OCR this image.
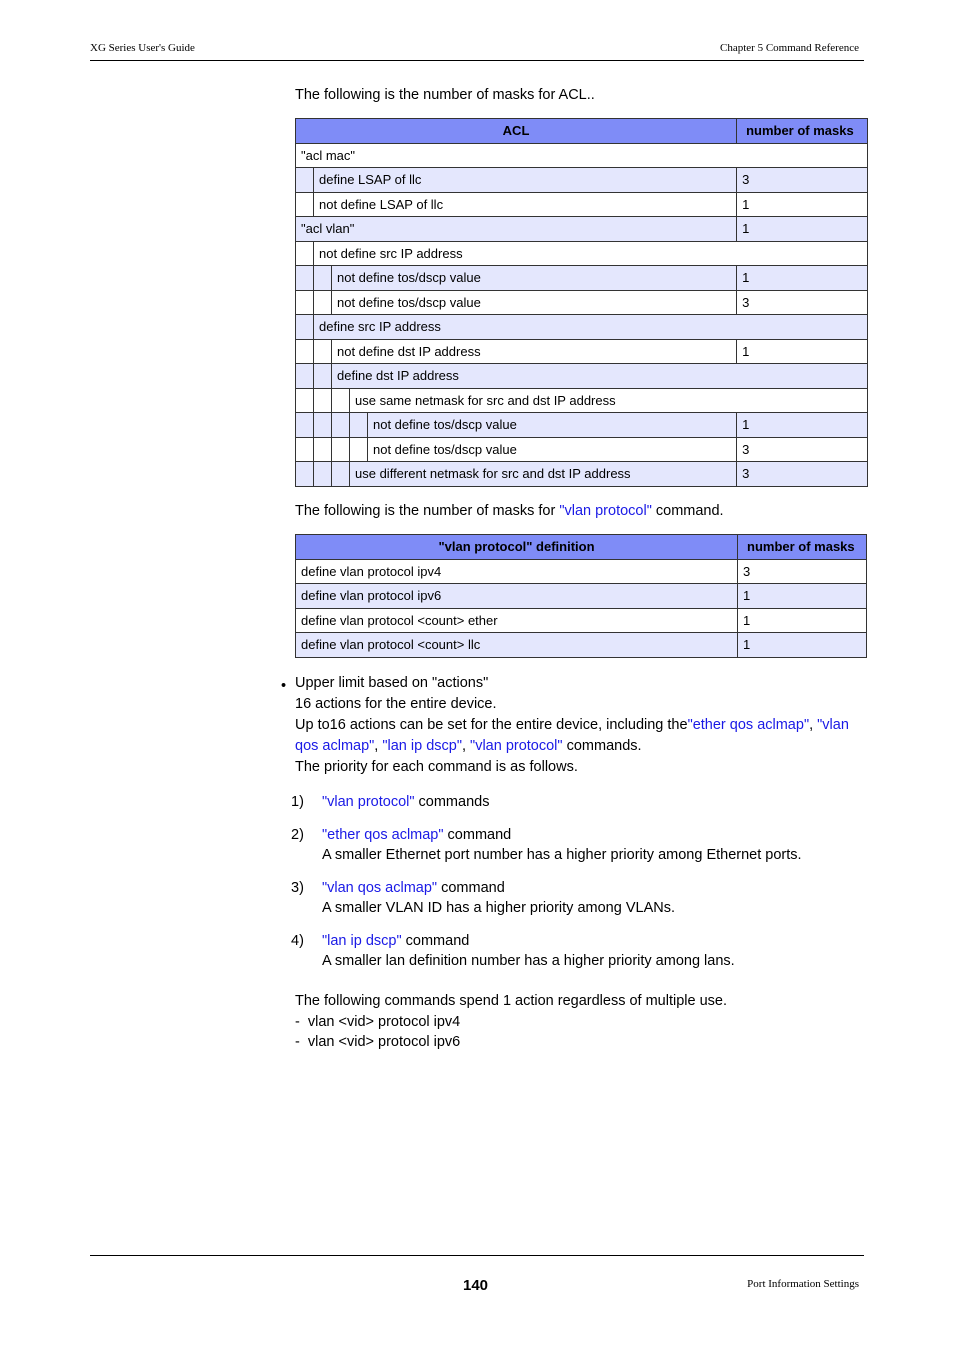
XG Series User's Guide	Chapter 5 Command Reference
The following is the number of masks for ACL..
ACL					number of masks
"acl mac"					
	define LSAP of llc				3
	not define LSAP of llc				1
"acl vlan"					1
	not define src IP address				
		not define tos/dscp value			1
		not define tos/dscp value			3
	define src IP address				
		not define dst IP address			1
		define dst IP address			
			use same netmask for src and dst IP address		
				not define tos/dscp value	1
				not define tos/dscp value	3
			use different netmask for src and dst IP address		3
The following is the number of masks for "vlan protocol" command.
"vlan protocol" definition	number of masks
define vlan protocol ipv4	3
define vlan protocol ipv6	1
define vlan protocol <count> ether	1
define vlan protocol <count> llc	1
• Upper limit based on "actions"
16 actions for the entire device.
Up to16 actions can be set for the entire device, including the"ether qos aclmap", "vlan
qos aclmap", "lan ip dscp", "vlan protocol" commands.
The priority for each command is as follows.
1) "vlan protocol" commands
2) "ether qos aclmap" command
A smaller Ethernet port number has a higher priority among Ethernet ports.
3) "vlan qos aclmap" command
A smaller VLAN ID has a higher priority among VLANs.
4) "lan ip dscp" command
A smaller lan definition number has a higher priority among lans.
The following commands spend 1 action regardless of multiple use.
-  vlan <vid> protocol ipv4
-  vlan <vid> protocol ipv6
140	Port Information Settings
